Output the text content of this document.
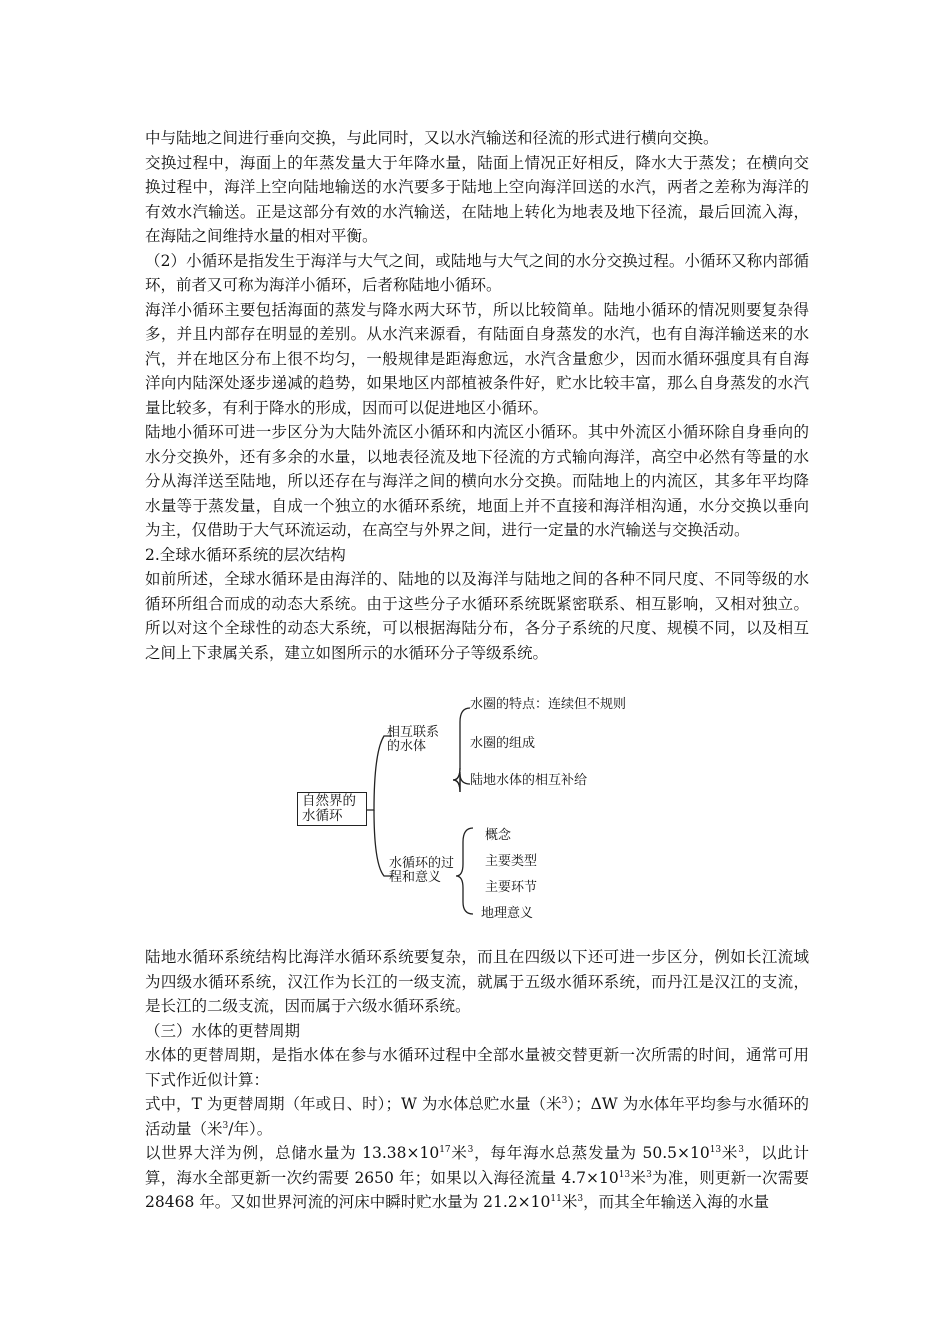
中与陆地之间进行垂向交换，与此同时，又以水汽输送和径流的形式进行横向交换。

交换过程中，海面上的年蒸发量大于年降水量，陆面上情况正好相反，降水大于蒸发；在横向交换过程中，海洋上空向陆地输送的水汽要多于陆地上空向海洋回送的水汽，两者之差称为海洋的有效水汽输送。正是这部分有效的水汽输送，在陆地上转化为地表及地下径流，最后回流入海，在海陆之间维持水量的相对平衡。

（2）小循环是指发生于海洋与大气之间，或陆地与大气之间的水分交换过程。小循环又称内部循环，前者又可称为海洋小循环，后者称陆地小循环。

海洋小循环主要包括海面的蒸发与降水两大环节，所以比较简单。陆地小循环的情况则要复杂得多，并且内部存在明显的差别。从水汽来源看，有陆面自身蒸发的水汽，也有自海洋输送来的水汽，并在地区分布上很不均匀，一般规律是距海愈远，水汽含量愈少，因而水循环强度具有自海洋向内陆深处逐步递减的趋势，如果地区内部植被条件好，贮水比较丰富，那么自身蒸发的水汽量比较多，有利于降水的形成，因而可以促进地区小循环。

陆地小循环可进一步区分为大陆外流区小循环和内流区小循环。其中外流区小循环除自身垂向的水分交换外，还有多余的水量，以地表径流及地下径流的方式输向海洋，高空中必然有等量的水分从海洋送至陆地，所以还存在与海洋之间的横向水分交换。而陆地上的内流区，其多年平均降水量等于蒸发量，自成一个独立的水循环系统，地面上并不直接和海洋相沟通，水分交换以垂向为主，仅借助于大气环流运动，在高空与外界之间，进行一定量的水汽输送与交换活动。

2.全球水循环系统的层次结构

如前所述，全球水循环是由海洋的、陆地的以及海洋与陆地之间的各种不同尺度、不同等级的水循环所组合而成的动态大系统。由于这些分子水循环系统既紧密联系、相互影响，又相对独立。所以对这个全球性的动态大系统，可以根据海陆分布，各分子系统的尺度、规模不同，以及相互之间上下隶属关系，建立如图所示的水循环分子等级系统。

自然界的
水循环
相互联系
的水体
水圈的特点：连续但不规则
水圈的组成
陆地水体的相互补给
水循环的过
程和意义
概念
主要类型
主要环节
地理意义

陆地水循环系统结构比海洋水循环系统要复杂，而且在四级以下还可进一步区分，例如长江流域为四级水循环系统，汉江作为长江的一级支流，就属于五级水循环系统，而丹江是汉江的支流，是长江的二级支流，因而属于六级水循环系统。

（三）水体的更替周期

水体的更替周期，是指水体在参与水循环过程中全部水量被交替更新一次所需的时间，通常可用下式作近似计算：

式中，T 为更替周期（年或日、时）；W 为水体总贮水量（米$^3$）；ΔW 为水体年平均参与水循环的活动量（米$^3$/年）。

以世界大洋为例，总储水量为 $13.38\times 10^{17}$米$^3$，每年海水总蒸发量为 $50.5\times 10^{13}$米$^3$，以此计算，海水全部更新一次约需要 2650 年；如果以入海径流量 $4.7\times 10^{13}$米$^3$为准，则更新一次需要 28468 年。又如世界河流的河床中瞬时贮水量为 $21.2\times 10^{11}$米$^3$，而其全年输送入海的水量
